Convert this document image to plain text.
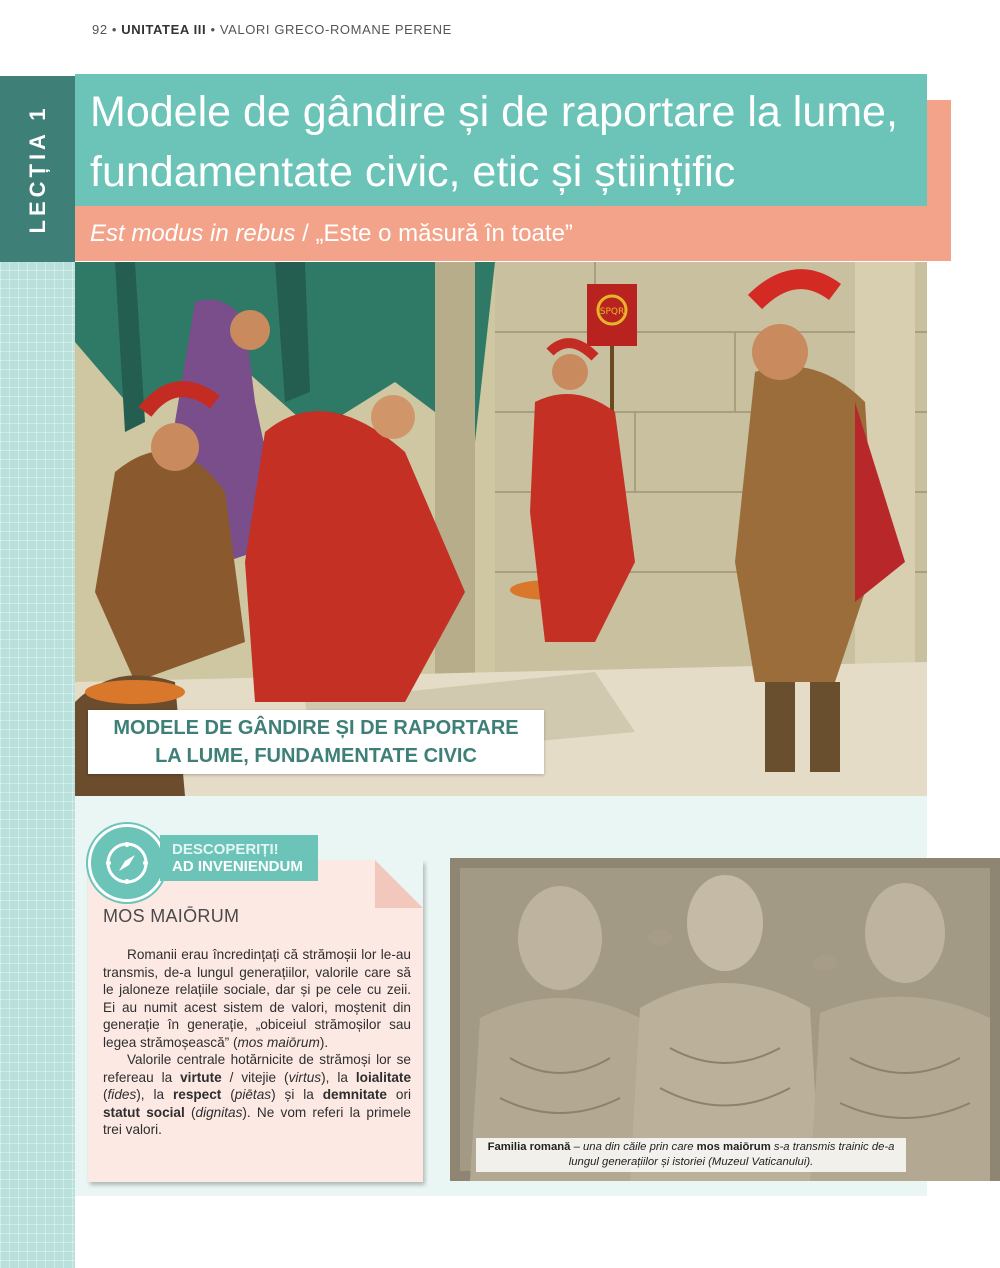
LECȚIA 1
92 • UNITATEA III • VALORI GRECO-ROMANE PERENE
Modele de gândire și de raportare la lume, fundamentate civic, etic și științific
Est modus in rebus / „Este o măsură în toate”
SPQR
MODELE DE GÂNDIRE ȘI DE RAPORTARE
LA LUME, FUNDAMENTATE CIVIC
DESCOPERIȚI!
AD INVENIENDUM
MOS MAIŌRUM

Romanii erau încredințați că strămoșii lor le-au transmis, de-a lungul generațiilor, valorile care să le jaloneze relațiile sociale, dar și pe cele cu zeii. Ei au numit acest sistem de valori, moștenit din generație în generație, „obiceiul strămoșilor sau legea strămoșească” (mos maiōrum).

Valorile centrale hotărnicite de strămoși lor se refereau la virtute / vitejie (virtus), la loialitate (fides), la respect (piētas) și la demnitate ori statut social (dignitas). Ne vom referi la primele trei valori.

Familia romană – una din căile prin care mos maiōrum s-a transmis trainic de-a lungul generațiilor și istoriei (Muzeul Vaticanului).
